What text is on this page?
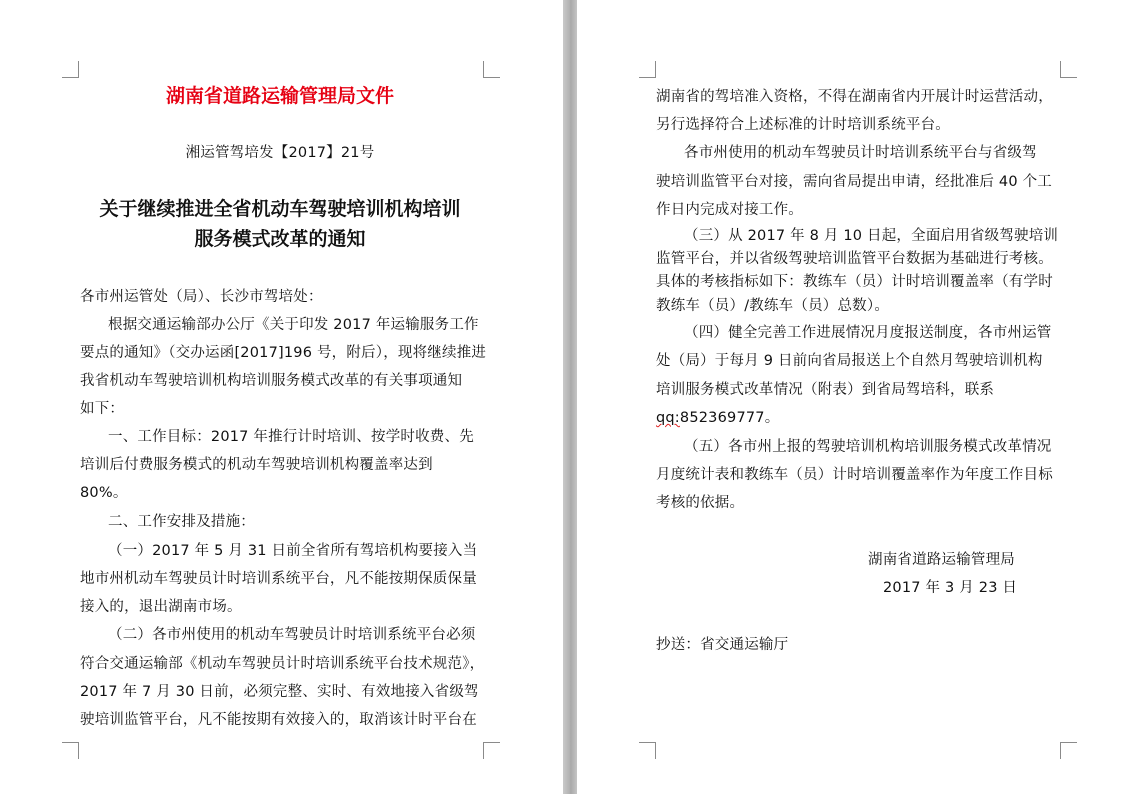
湖南省道路运输管理局文件
湘运管驾培发【2017】21号
关于继续推进全省机动车驾驶培训机构培训
服务模式改革的通知
各市州运管处（局）、长沙市驾培处：
根据交通运输部办公厅《关于印发 2017 年运输服务工作
要点的通知》（交办运函[2017]196 号，附后），现将继续推进
我省机动车驾驶培训机构培训服务模式改革的有关事项通知
如下：
一、工作目标：2017 年推行计时培训、按学时收费、先
培训后付费服务模式的机动车驾驶培训机构覆盖率达到
80%。
二、工作安排及措施：
（一）2017 年 5 月 31 日前全省所有驾培机构要接入当
地市州机动车驾驶员计时培训系统平台，凡不能按期保质保量
接入的，退出湖南市场。
（二）各市州使用的机动车驾驶员计时培训系统平台必须
符合交通运输部《机动车驾驶员计时培训系统平台技术规范》，
2017 年 7 月 30 日前，必须完整、实时、有效地接入省级驾
驶培训监管平台，凡不能按期有效接入的，取消该计时平台在
湖南省的驾培准入资格，不得在湖南省内开展计时运营活动，
另行选择符合上述标准的计时培训系统平台。
各市州使用的机动车驾驶员计时培训系统平台与省级驾
驶培训监管平台对接，需向省局提出申请，经批准后 40 个工
作日内完成对接工作。
（三）从 2017 年 8 月 10 日起，全面启用省级驾驶培训
监管平台，并以省级驾驶培训监管平台数据为基础进行考核。
具体的考核指标如下：教练车（员）计时培训覆盖率（有学时
教练车（员）/教练车（员）总数）。
（四）健全完善工作进展情况月度报送制度，各市州运管
处（局）于每月 9 日前向省局报送上个自然月驾驶培训机构
培训服务模式改革情况（附表）到省局驾培科，联系
qq:852369777。
（五）各市州上报的驾驶培训机构培训服务模式改革情况
月度统计表和教练车（员）计时培训覆盖率作为年度工作目标
考核的依据。
湖南省道路运输管理局
2017 年 3 月 23 日
抄送：省交通运输厅
